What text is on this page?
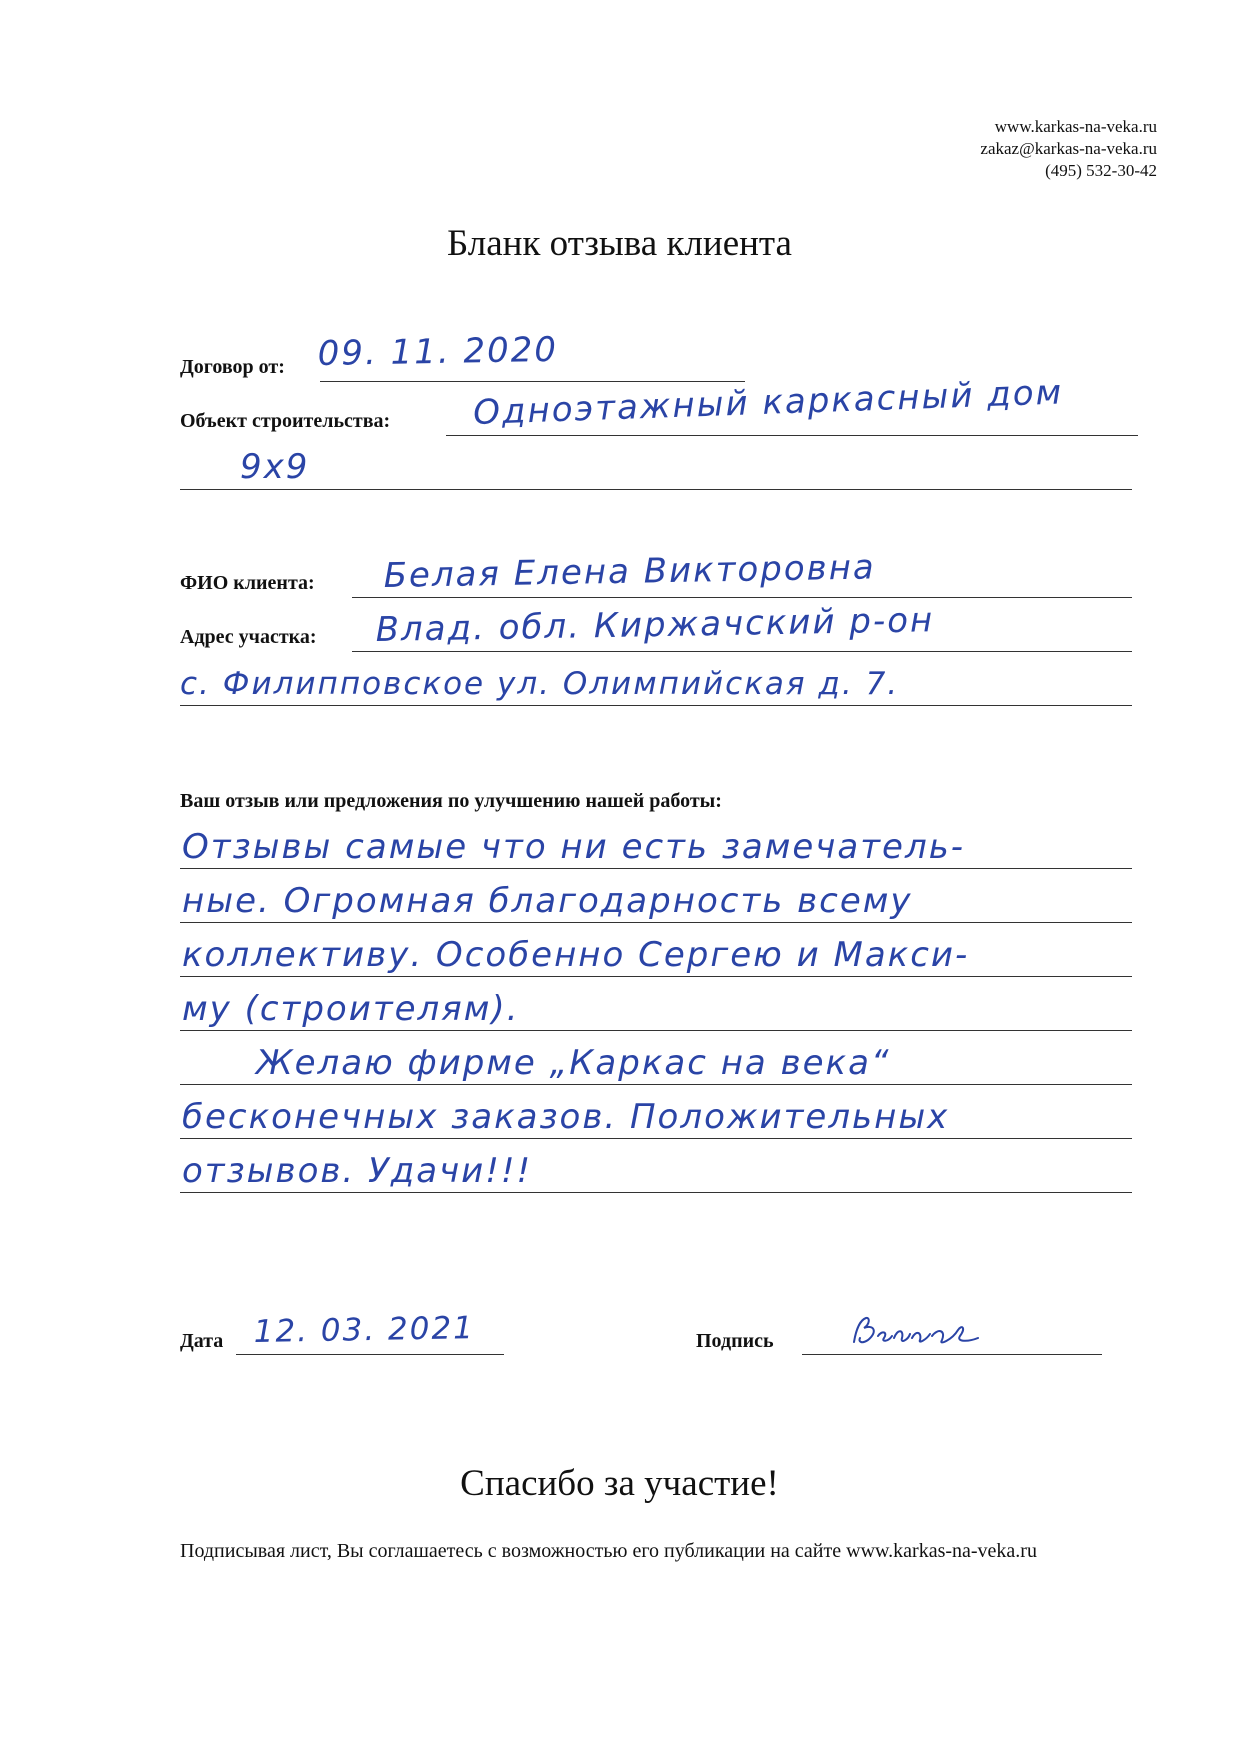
www.karkas-na-veka.ru
zakaz@karkas-na-veka.ru
(495) 532-30-42
Бланк отзыва клиента
Договор от: 09. 11. 2020
Объект строительства: Одноэтажный каркасный дом
9х9
ФИО клиента: Белая Елена Викторовна
Адрес участка: Влад. обл. Киржачский р-он
с. Филипповское ул. Олимпийская д. 7.
Ваш отзыв или предложения по улучшению нашей работы:
Отзывы самые что ни есть замечатель-
ные. Огромная благодарность всему
коллективу. Особенно Сергею и Макси-
му (строителям).
Желаю фирме „Каркас на века“
бесконечных заказов. Положительных
отзывов. Удачи!!!
Дата 12. 03. 2021	Подпись
Спасибо за участие!
Подписывая лист, Вы соглашаетесь с возможностью его публикации на сайте www.karkas-na-veka.ru
